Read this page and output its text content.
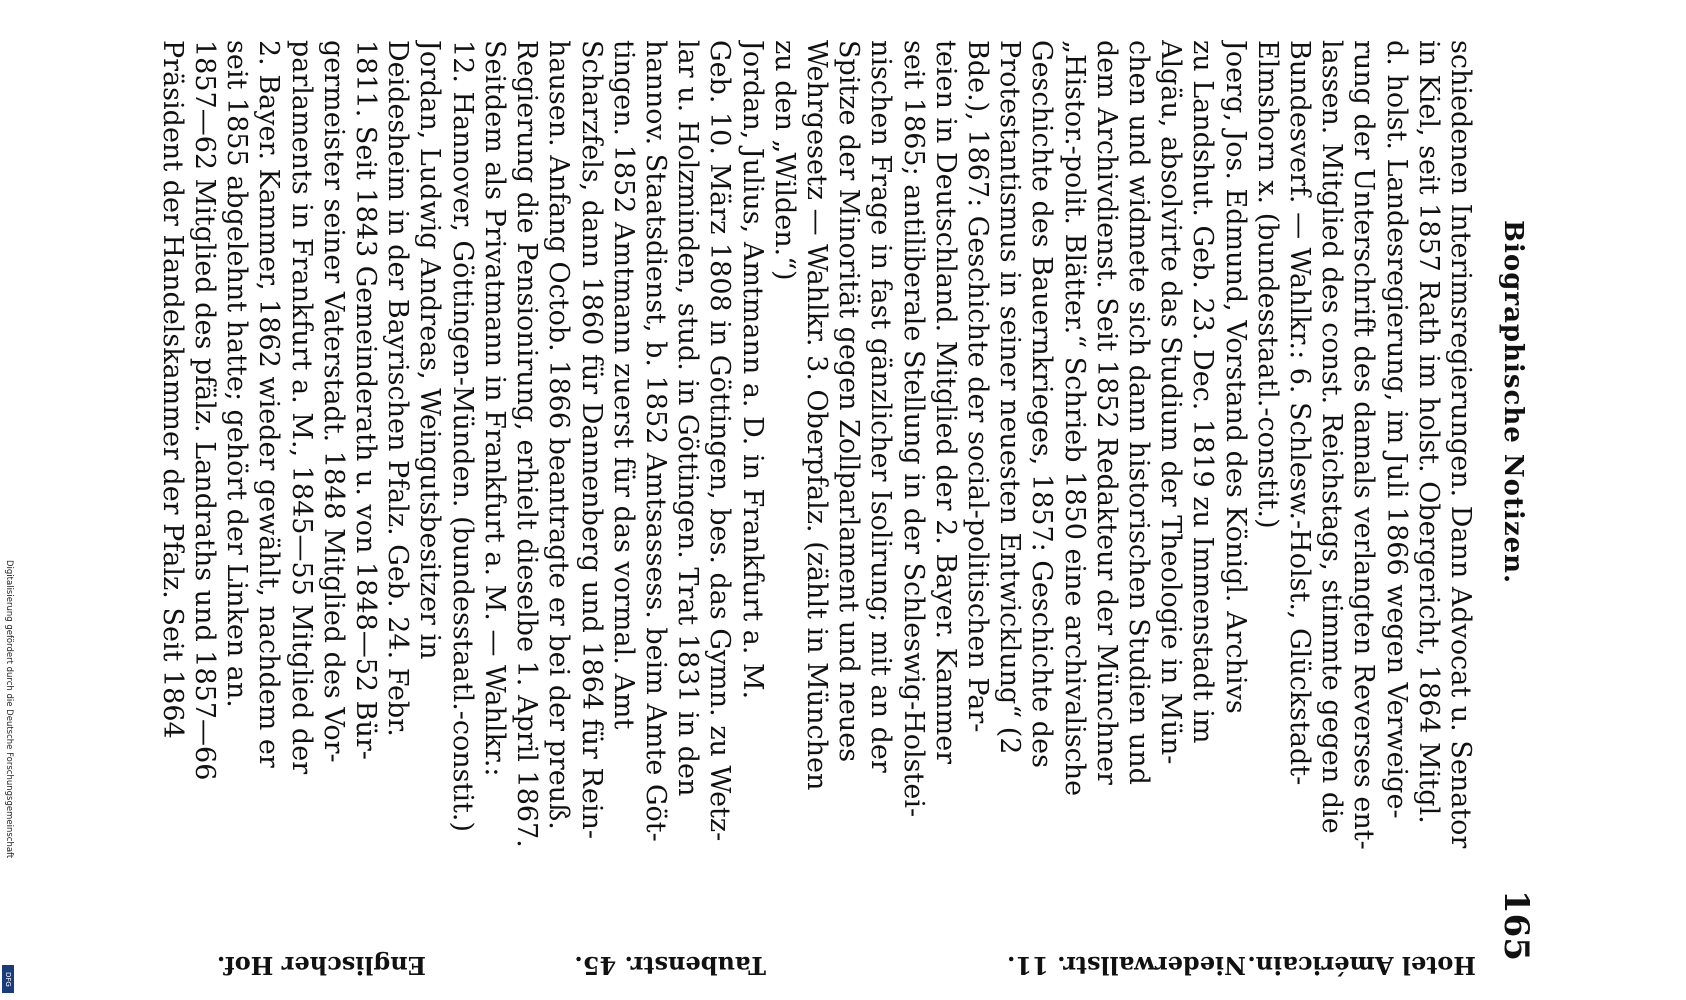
Biographische Notizen.
165
schiedenen Interimsregierungen. Dann Advocat u. Senator
in Kiel, seit 1857 Rath im holst. Obergericht, 1864 Mitgl.
d. holst. Landesregierung, im Juli 1866 wegen Verweige-
rung der Unterschrift des damals verlangten Reverses ent-
lassen. Mitglied des const. Reichstags, stimmte gegen die
Bundesverf. — Wahlkr.: 6. Schlesw.-Holst., Glückstadt-
Elmshorn x. (bundesstaatl.-constit.)
Joerg, Jos. Edmund, Vorstand des Königl. Archivs
zu Landshut. Geb. 23. Dec. 1819 zu Immenstadt im
Algäu, absolvirte das Studium der Theologie in Mün-
chen und widmete sich dann historischen Studien und
dem Archivdienst. Seit 1852 Redakteur der Münchner
„Histor.-polit. Blätter.“ Schrieb 1850 eine archivalische
Geschichte des Bauernkrieges, 1857: Geschichte des
Protestantismus in seiner neuesten Entwicklung“ (2
Bde.), 1867: Geschichte der social-politischen Par-
teien in Deutschland. Mitglied der 2. Bayer. Kammer
seit 1865; antiliberale Stellung in der Schleswig-Holstei-
nischen Frage in fast gänzlicher Isolirung; mit an der
Spitze der Minorität gegen Zollparlament und neues
Wehrgesetz — Wahlkr. 3. Oberpfalz. (zählt in München
zu den „Wilden.“)
Jordan, Julius, Amtmann a. D. in Frankfurt a. M.
Geb. 10. März 1808 in Göttingen, bes. das Gymn. zu Wetz-
lar u. Holzminden, stud. in Göttingen. Trat 1831 in den
hannov. Staatsdienst, b. 1852 Amtsassess. beim Amte Göt-
tingen. 1852 Amtmann zuerst für das vormal. Amt
Scharzfels, dann 1860 für Dannenberg und 1864 für Rein-
hausen. Anfang Octob. 1866 beantragte er bei der preuß.
Regierung die Pensionirung, erhielt dieselbe 1. April 1867.
Seitdem als Privatmann in Frankfurt a. M. — Wahlkr.:
12. Hannover, Göttingen-Münden. (bundesstaatl.-constit.)
Jordan, Ludwig Andreas, Weingutsbesitzer in
Deidesheim in der Bayrischen Pfalz. Geb. 24. Febr.
1811. Seit 1843 Gemeinderath u. von 1848—52 Bür-
germeister seiner Vaterstadt. 1848 Mitglied des Vor-
parlaments in Frankfurt a. M., 1845—55 Mitglied der
2. Bayer. Kammer, 1862 wieder gewählt, nachdem er
seit 1855 abgelehnt hatte; gehört der Linken an.
1857—62 Mitglied des pfälz. Landraths und 1857—66
Präsident der Handelskammer der Pfalz. Seit 1864
Hotel Américain.
Niederwallstr. 11.
Taubenstr. 45.
Englischer Hof.
Digitalisierung gefördert durch die Deutsche Forschungsgemeinschaft
DFG
